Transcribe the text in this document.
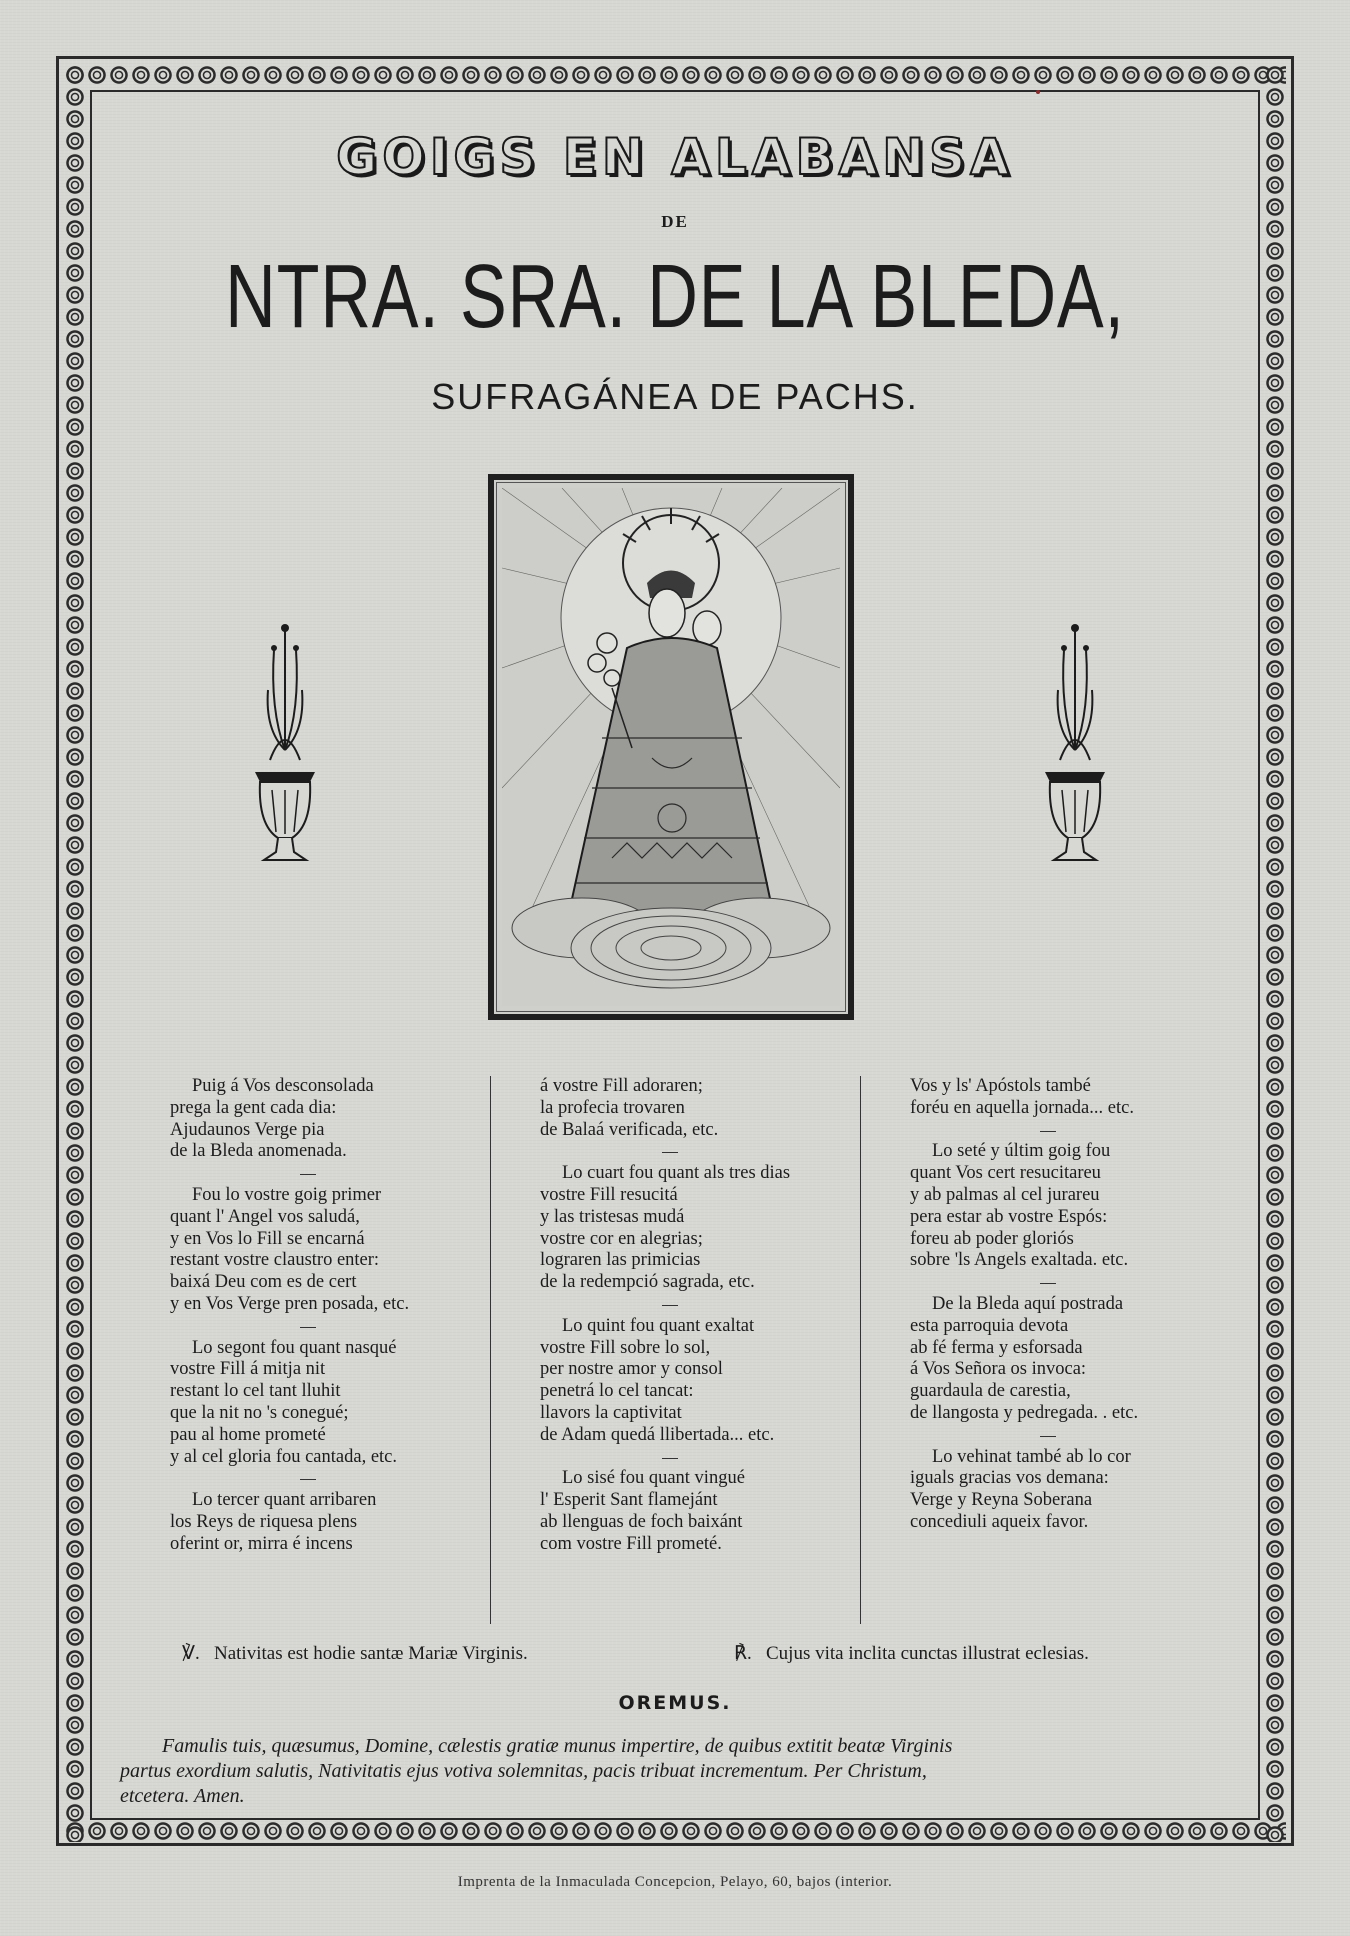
GOIGS EN ALABANSA
DE
NTRA. SRA. DE LA BLEDA,
SUFRAGÁNEA DE PACHS.
Puig á Vos desconsolada
prega la gent cada dia:
Ajudaunos Verge pia
de la Bleda anomenada.
Fou lo vostre goig primer
quant l' Angel vos saludá,
y en Vos lo Fill se encarná
restant vostre claustro enter:
baixá Deu com es de cert
y en Vos Verge pren posada, etc.
Lo segont fou quant nasqué
vostre Fill á mitja nit
restant lo cel tant lluhit
que la nit no 's conegué;
pau al home prometé
y al cel gloria fou cantada, etc.
Lo tercer quant arribaren
los Reys de riquesa plens
oferint or, mirra é incens
á vostre Fill adoraren;
la profecia trovaren
de Balaá verificada, etc.
Lo cuart fou quant als tres dias
vostre Fill resucitá
y las tristesas mudá
vostre cor en alegrias;
lograren las primicias
de la redempció sagrada, etc.
Lo quint fou quant exaltat
vostre Fill sobre lo sol,
per nostre amor y consol
penetrá lo cel tancat:
llavors la captivitat
de Adam quedá llibertada... etc.
Lo sisé fou quant vingué
l' Esperit Sant flamejánt
ab llenguas de foch baixánt
com vostre Fill prometé.
Vos y ls' Apóstols també
foréu en aquella jornada... etc.
Lo seté y últim goig fou
quant Vos cert resucitareu
y ab palmas al cel jurareu
pera estar ab vostre Espós:
foreu ab poder gloriós
sobre 'ls Angels exaltada. etc.
De la Bleda aquí postrada
esta parroquia devota
ab fé ferma y esforsada
á Vos Señora os invoca:
guardaula de carestia,
de llangosta y pedregada. . etc.
Lo vehinat també ab lo cor
iguals gracias vos demana:
Verge y Reyna Soberana
concediuli aqueix favor.
℣. Nativitas est hodie santæ Mariæ Virginis.	℟. Cujus vita inclita cunctas illustrat eclesias.
OREMUS.
Famulis tuis, quæsumus, Domine, cælestis gratiæ munus impertire, de quibus extitit beatæ Virginis
partus exordium salutis, Nativitatis ejus votiva solemnitas, pacis tribuat incrementum. Per Christum,
etcetera. Amen.
Imprenta de la Inmaculada Concepcion, Pelayo, 60, bajos (interior.
